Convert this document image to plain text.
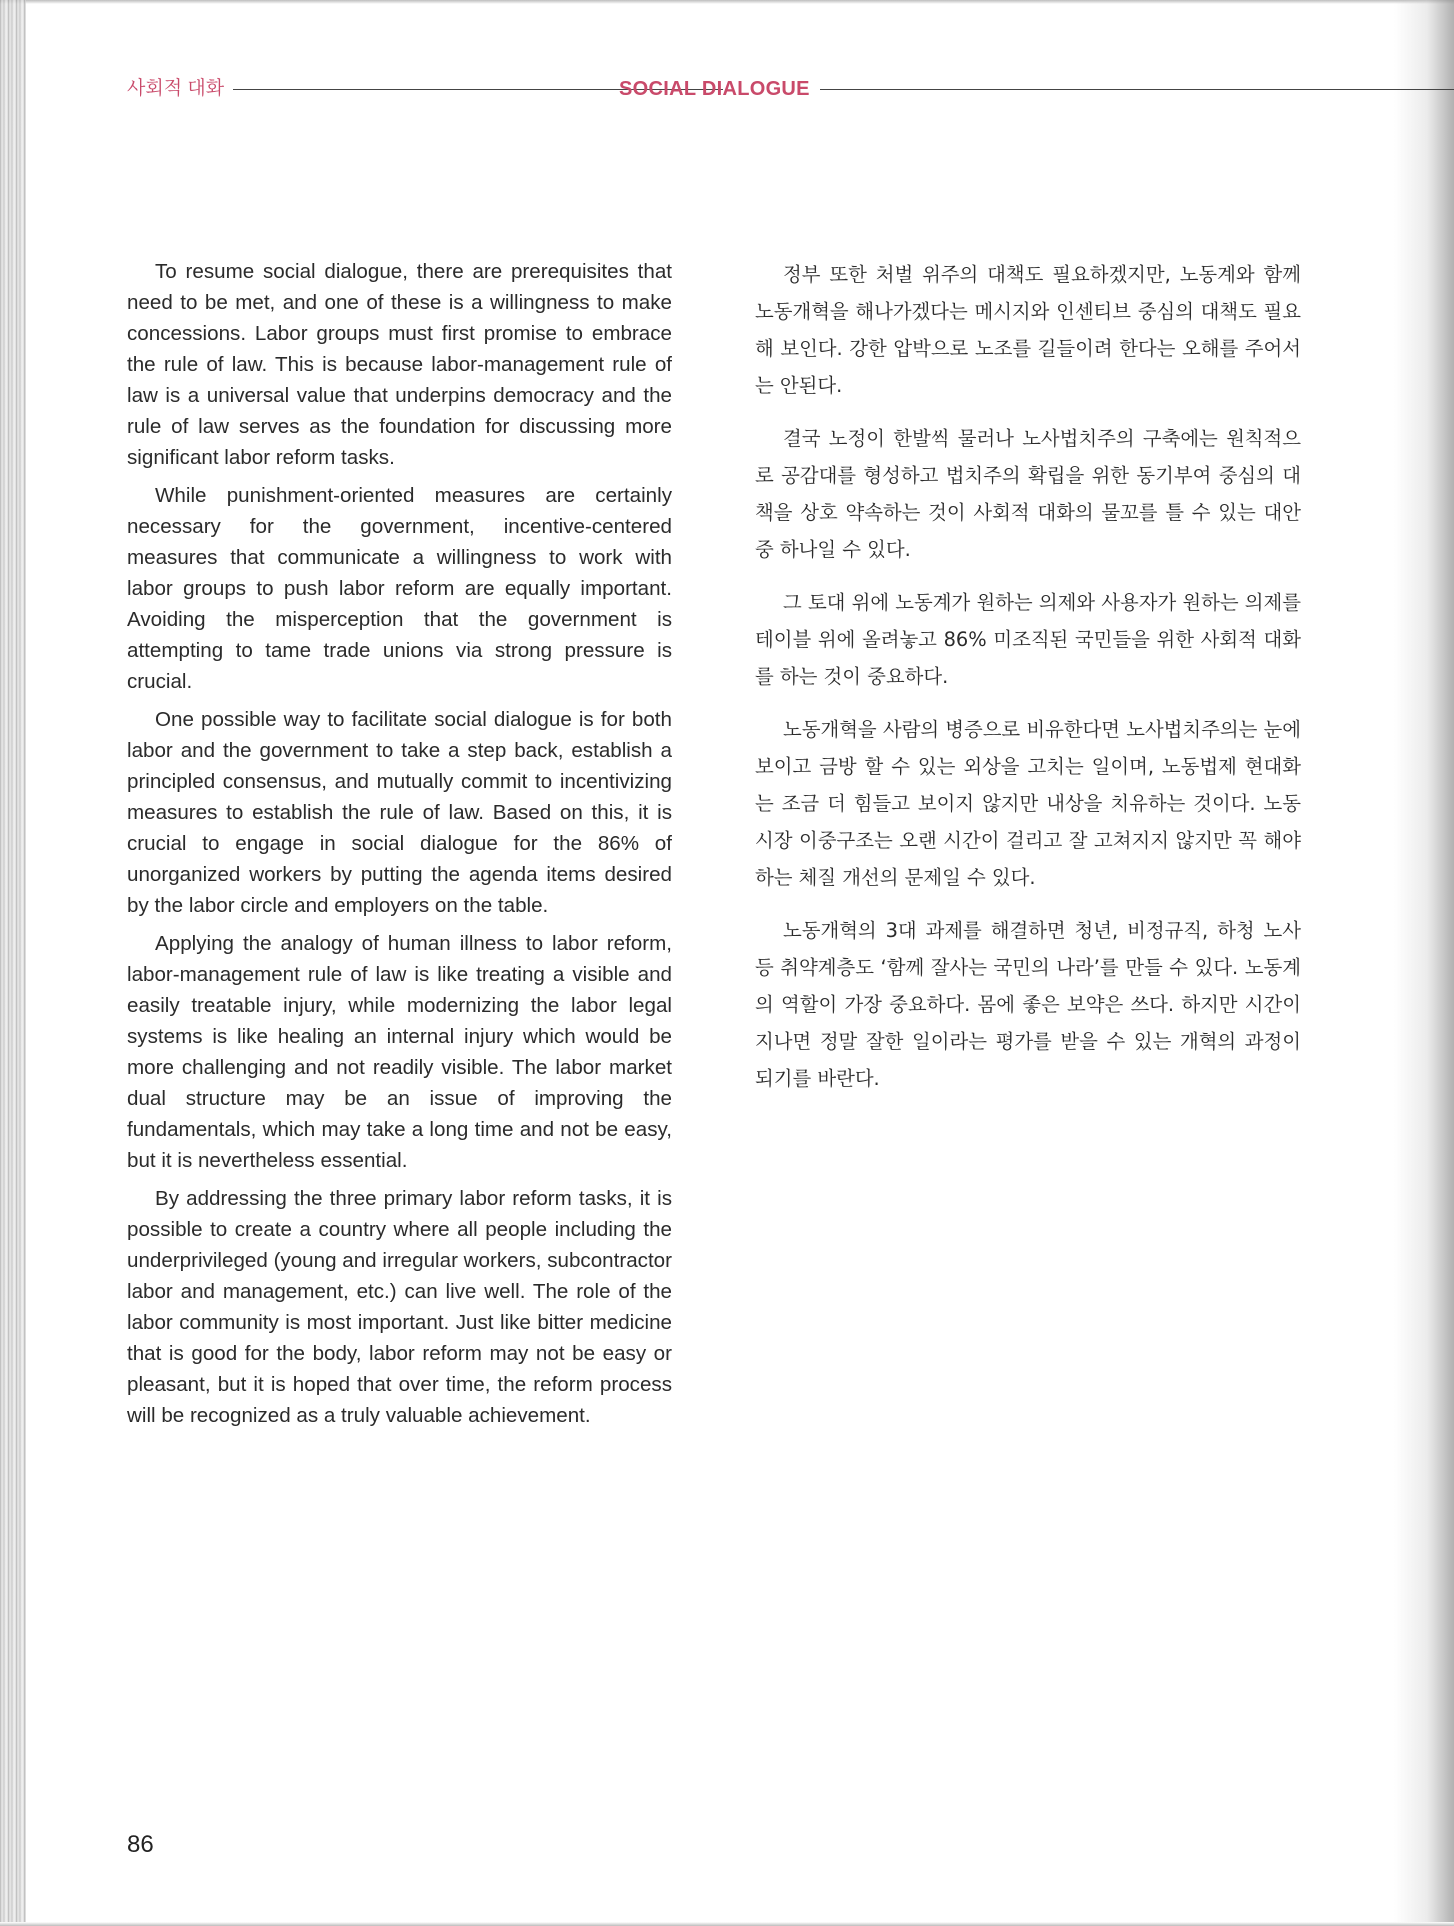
사회적 대화	SOCIAL DIALOGUE

To resume social dialogue, there are prerequisites that need to be met, and one of these is a willingness to make concessions. Labor groups must first promise to embrace the rule of law. This is because labor-management rule of law is a universal value that underpins democracy and the rule of law serves as the foundation for discussing more significant labor reform tasks.

While punishment-oriented measures are certainly necessary for the government, incentive-centered measures that communicate a willingness to work with labor groups to push labor reform are equally important. Avoiding the misperception that the government is attempting to tame trade unions via strong pressure is crucial.

One possible way to facilitate social dialogue is for both labor and the government to take a step back, establish a principled consensus, and mutually commit to incentivizing measures to establish the rule of law. Based on this, it is crucial to engage in social dialogue for the 86% of unorganized workers by putting the agenda items desired by the labor circle and employers on the table.

Applying the analogy of human illness to labor reform, labor-management rule of law is like treating a visible and easily treatable injury, while modernizing the labor legal systems is like healing an internal injury which would be more challenging and not readily visible. The labor market dual structure may be an issue of improving the fundamentals, which may take a long time and not be easy, but it is nevertheless essential.

By addressing the three primary labor reform tasks, it is possible to create a country where all people including the underprivileged (young and irregular workers, subcontractor labor and management, etc.) can live well. The role of the labor community is most important. Just like bitter medicine that is good for the body, labor reform may not be easy or pleasant, but it is hoped that over time, the reform process will be recognized as a truly valuable achievement.

정부 또한 처벌 위주의 대책도 필요하겠지만, 노동계와 함께 노동개혁을 해나가겠다는 메시지와 인센티브 중심의 대책도 필요해 보인다. 강한 압박으로 노조를 길들이려 한다는 오해를 주어서는 안된다.

결국 노정이 한발씩 물러나 노사법치주의 구축에는 원칙적으로 공감대를 형성하고 법치주의 확립을 위한 동기부여 중심의 대책을 상호 약속하는 것이 사회적 대화의 물꼬를 틀 수 있는 대안 중 하나일 수 있다.

그 토대 위에 노동계가 원하는 의제와 사용자가 원하는 의제를 테이블 위에 올려놓고 86% 미조직된 국민들을 위한 사회적 대화를 하는 것이 중요하다.

노동개혁을 사람의 병증으로 비유한다면 노사법치주의는 눈에 보이고 금방 할 수 있는 외상을 고치는 일이며, 노동법제 현대화는 조금 더 힘들고 보이지 않지만 내상을 치유하는 것이다. 노동시장 이중구조는 오랜 시간이 걸리고 잘 고쳐지지 않지만 꼭 해야 하는 체질 개선의 문제일 수 있다.

노동개혁의 3대 과제를 해결하면 청년, 비정규직, 하청 노사 등 취약계층도 ‘함께 잘사는 국민의 나라’를 만들 수 있다. 노동계의 역할이 가장 중요하다. 몸에 좋은 보약은 쓰다. 하지만 시간이 지나면 정말 잘한 일이라는 평가를 받을 수 있는 개혁의 과정이 되기를 바란다.

86
